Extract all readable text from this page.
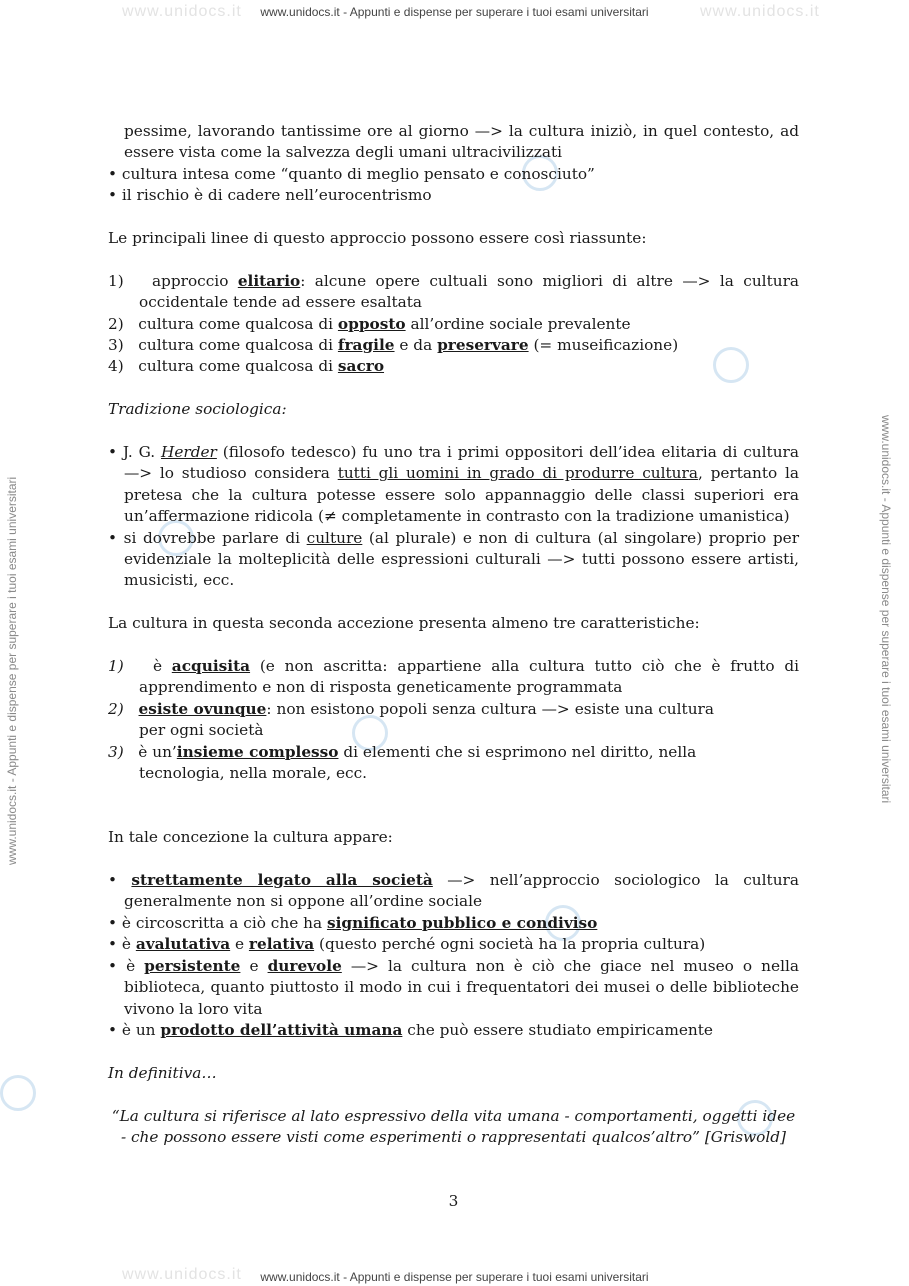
www.unidocs.it - Appunti e dispense per superare i tuoi esami universitari
www.unidocs.it - Appunti e dispense per superare i tuoi esami universitari
www.unidocs.it - Appunti e dispense per superare i tuoi esami universitari	www.unidocs.it - Appunti e dispense per superare i tuoi esami universitari
www.unidocs.it	www.unidocs.it
www.unidocs.it

pessime, lavorando tantissime ore al giorno —> la cultura iniziò, in quel contesto, ad essere vista come la salvezza degli umani ultracivilizzati

• cultura intesa come “quanto di meglio pensato e conosciuto”

• il rischio è di cadere nell’eurocentrismo

Le principali linee di questo approccio possono essere così riassunte:

1) approccio elitario: alcune opere cultuali sono migliori di altre —> la cultura occidentale tende ad essere esaltata

2) cultura come qualcosa di opposto all’ordine sociale prevalente

3) cultura come qualcosa di fragile e da preservare (= museificazione)

4) cultura come qualcosa di sacro

Tradizione sociologica:

• J. G. Herder (filosofo tedesco) fu uno tra i primi oppositori dell’idea elitaria di cultura —> lo studioso considera tutti gli uomini in grado di produrre cultura, pertanto la pretesa che la cultura potesse essere solo appannaggio delle classi superiori era un’affermazione ridicola (≠ completamente in contrasto con la tradizione umanistica)

• si dovrebbe parlare di culture (al plurale) e non di cultura (al singolare) proprio per evidenziale la molteplicità delle espressioni culturali —> tutti possono essere artisti, musicisti, ecc.

La cultura in questa seconda accezione presenta almeno tre caratteristiche:

1) è acquisita (e non ascritta: appartiene alla cultura tutto ciò che è frutto di apprendimento e non di risposta geneticamente programmata

2) esiste ovunque: non esistono popoli senza cultura —> esiste una cultura per ogni società

3) è un’insieme complesso di elementi che si esprimono nel diritto, nella tecnologia, nella morale, ecc.

In tale concezione la cultura appare:

• strettamente legato alla società —> nell’approccio sociologico la cultura generalmente non si oppone all’ordine sociale

• è circoscritta a ciò che ha significato pubblico e condiviso

• è avalutativa e relativa (questo perché ogni società ha la propria cultura)

• è persistente e durevole —> la cultura non è ciò che giace nel museo o nella biblioteca, quanto piuttosto il modo in cui i frequentatori dei musei o delle biblioteche vivono la loro vita

• è un prodotto dell’attività umana che può essere studiato empiricamente

In definitiva…

“La cultura si riferisce al lato espressivo della vita umana - comportamenti, oggetti idee - che possono essere visti come esperimenti o rappresentati qualcos’altro” [Griswold]

3
